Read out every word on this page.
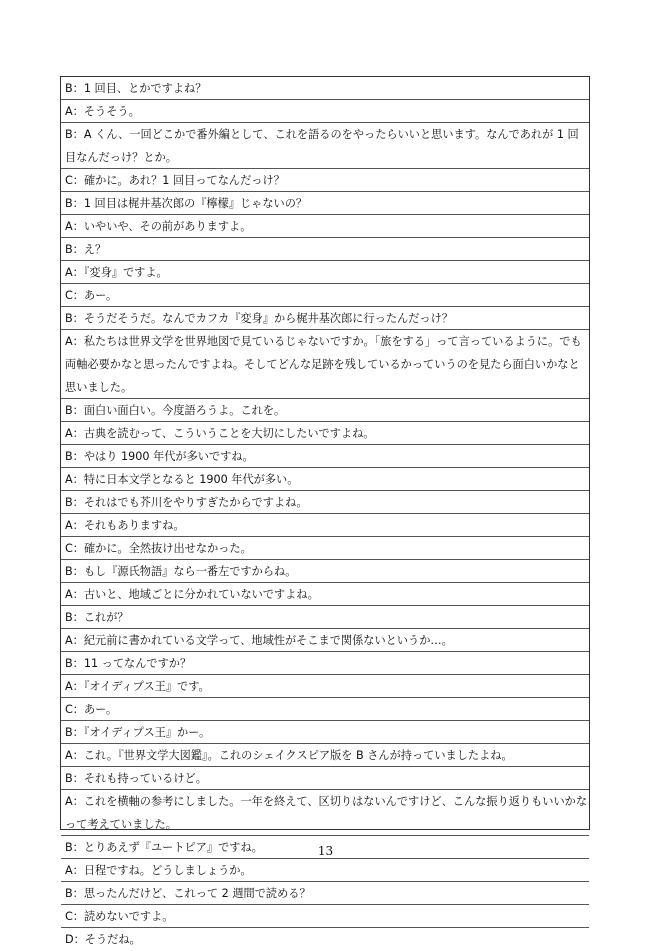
B：1 回目、とかですよね？
A：そうそう。
B：A くん、一回どこかで番外編として、これを語るのをやったらいいと思います。なんであれが 1 回目なんだっけ？とか。
C：確かに。あれ？1 回目ってなんだっけ？
B：1 回目は梶井基次郎の『檸檬』じゃないの？
A：いやいや、その前がありますよ。
B：え？
A：『変身』ですよ。
C：あー。
B：そうだそうだ。なんでカフカ『変身』から梶井基次郎に行ったんだっけ？
A：私たちは世界文学を世界地図で見ているじゃないですか。「旅をする」って言っているように。でも両軸必要かなと思ったんですよね。そしてどんな足跡を残しているかっていうのを見たら面白いかなと思いました。
B：面白い面白い。今度語ろうよ。これを。
A：古典を読むって、こういうことを大切にしたいですよね。
B：やはり 1900 年代が多いですね。
A：特に日本文学となると 1900 年代が多い。
B：それはでも芥川をやりすぎたからですよね。
A：それもありますね。
C：確かに。全然抜け出せなかった。
B：もし『源氏物語』なら一番左ですからね。
A：古いと、地域ごとに分かれていないですよね。
B：これが？
A：紀元前に書かれている文学って、地域性がそこまで関係ないというか…。
B：11 ってなんですか？
A：『オイディプス王』です。
C：あー。
B：『オイディプス王』かー。
A：これ。『世界文学大図鑑』。これのシェイクスピア版を B さんが持っていましたよね。
B：それも持っているけど。
A：これを横軸の参考にしました。一年を終えて、区切りはないんですけど、こんな振り返りもいいかなって考えていました。
B：とりあえず『ユートピア』ですね。
A：日程ですね。どうしましょうか。
B：思ったんだけど、これって 2 週間で読める？
C：読めないですよ。
D：そうだね。
13
